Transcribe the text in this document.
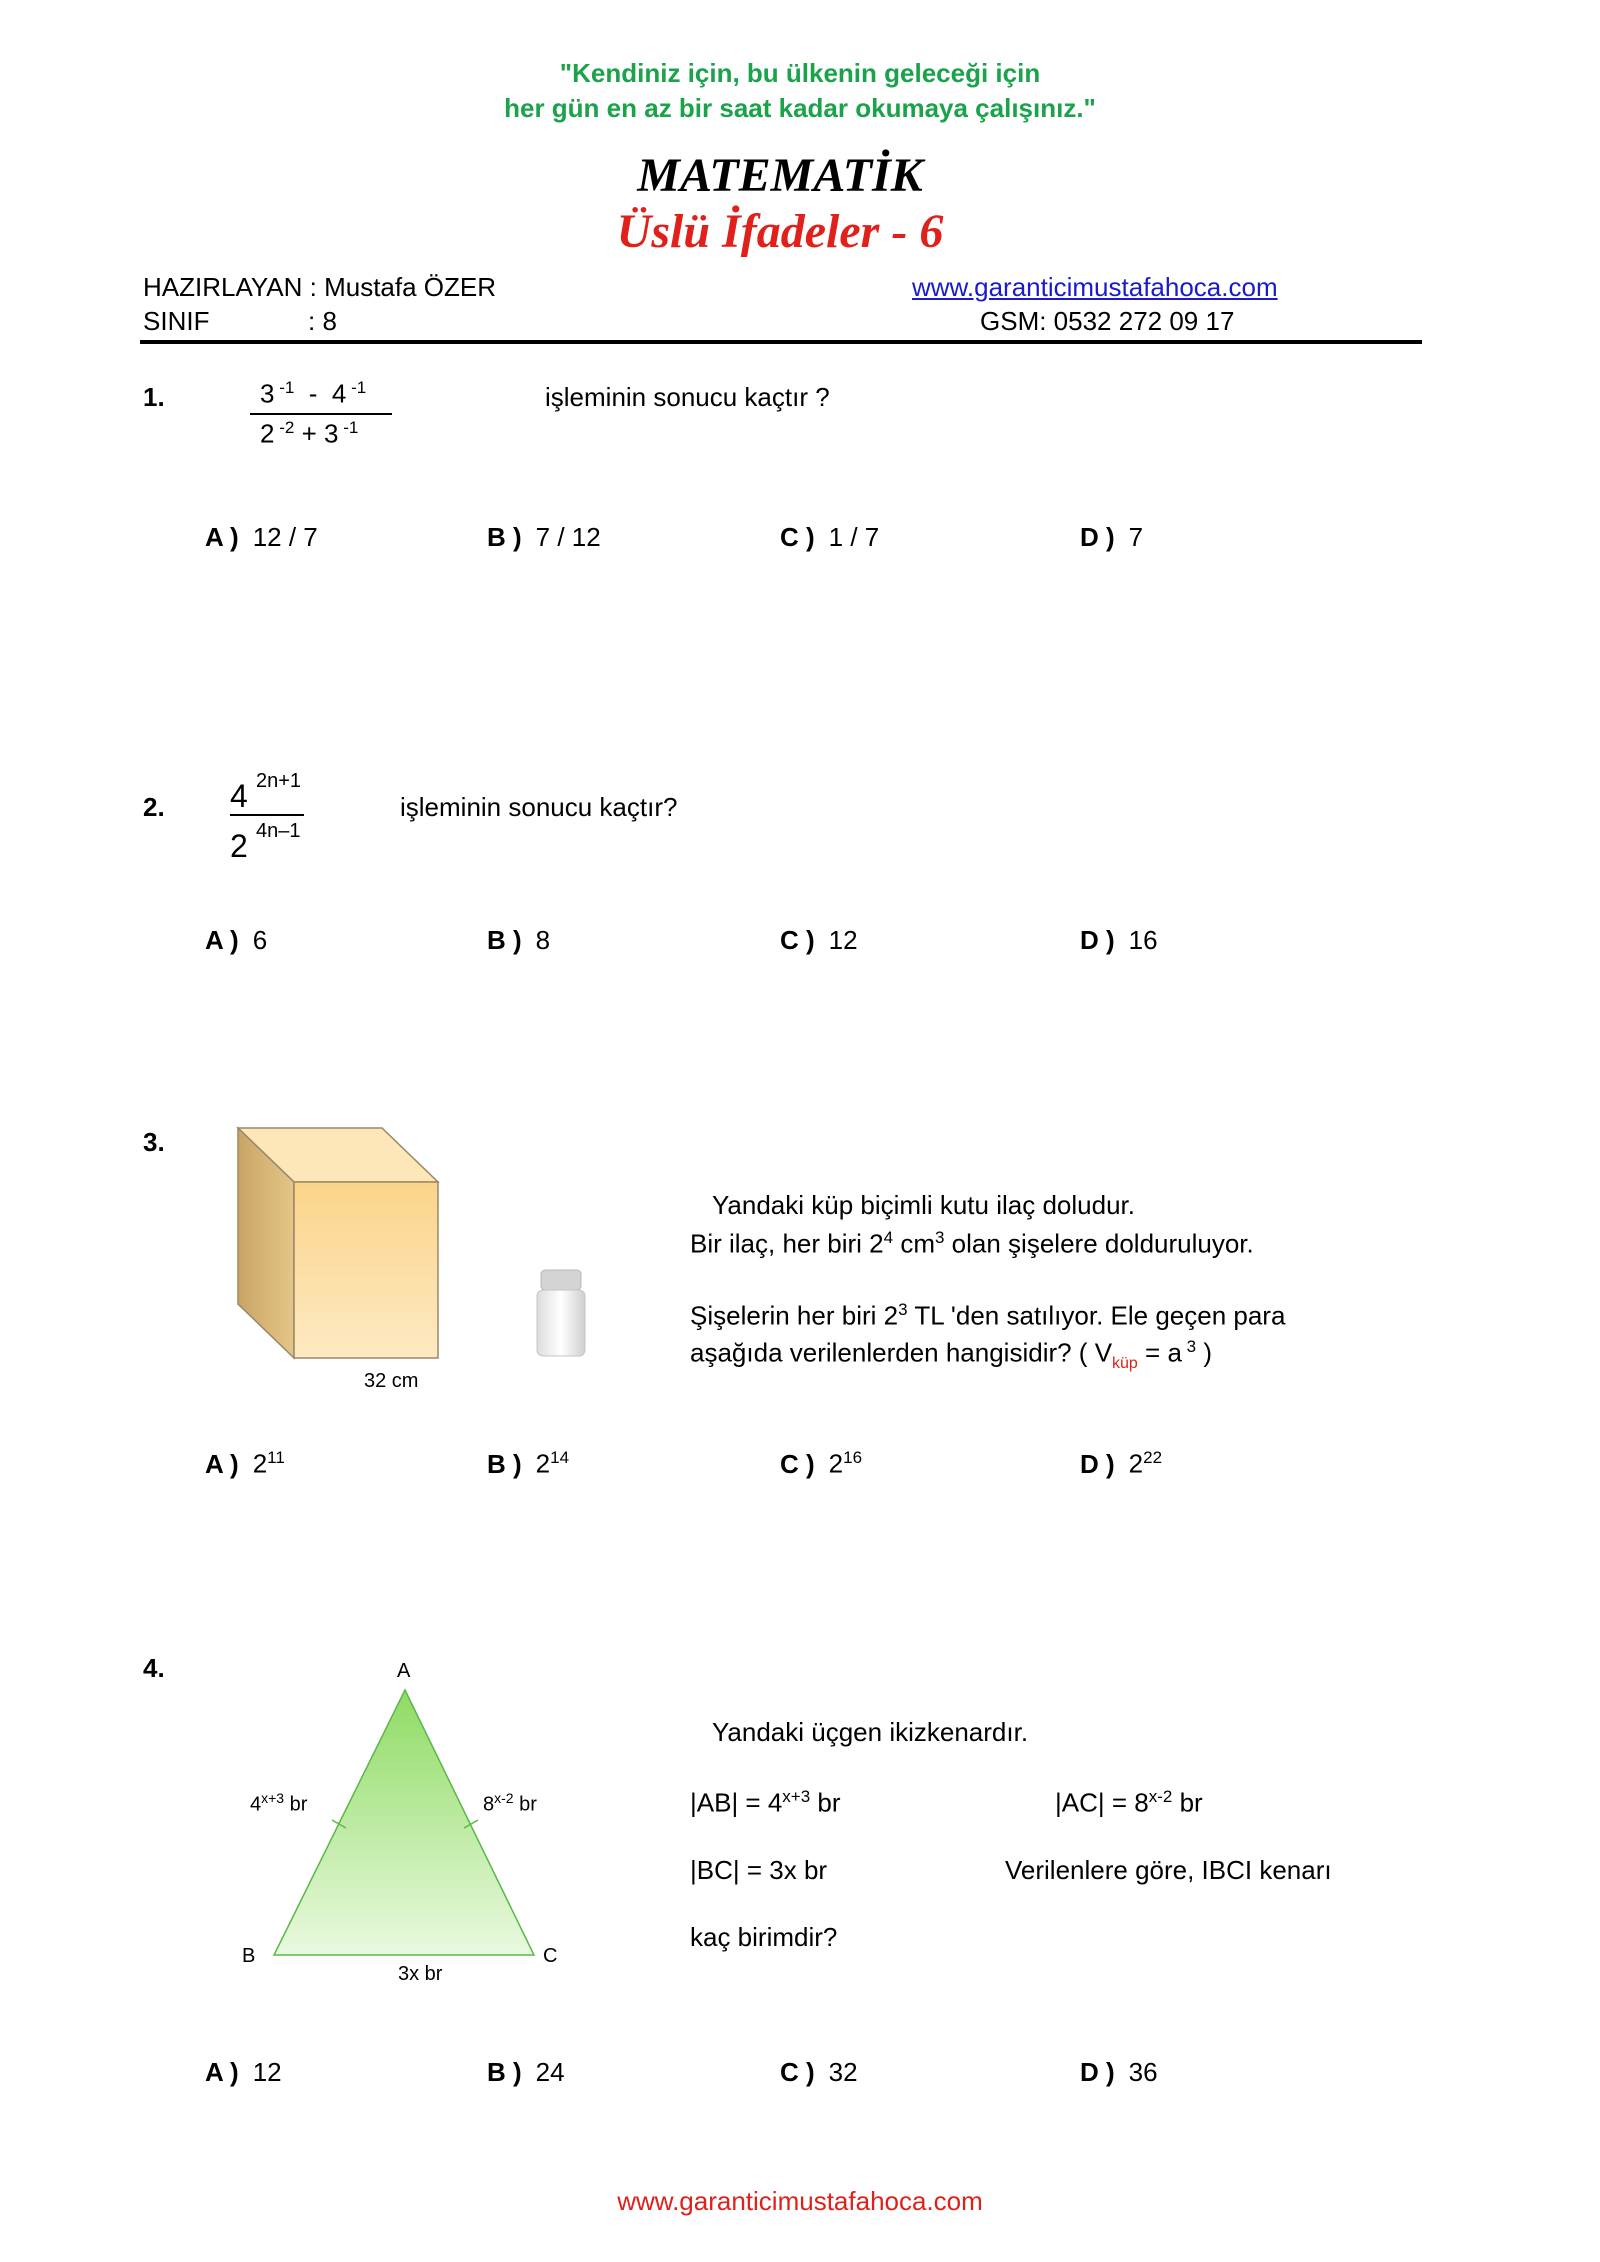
"Kendiniz için, bu ülkenin geleceği için
her gün en az bir saat kadar okumaya çalışınız."
MATEMATİK
Üslü İfadeler - 6
HAZIRLAYAN : Mustafa ÖZER
SINIF	: 8
www.garanticimustafahoca.com
GSM: 0532 272 09 17
1.	3 $^{-1}$ - 4 $^{-1}$
2 $^{-2}$ + 3 $^{-1}$
işleminin sonucu kaçtır ?
A ) 12 / 7	B ) 7 / 12	C ) 1 / 7	D ) 7
2. 4 2n+1
2 4n–1
işleminin sonucu kaçtır?
A ) 6	B ) 8	C ) 12	D ) 16
3.
32 cm
Yandaki küp biçimli kutu ilaç doludur.
Bir ilaç, her biri $2^4$ $cm^3$ olan şişelere dolduruluyor.
Şişelerin her biri $2^3$ TL 'den satılıyor. Ele geçen para
aşağıda verilenlerden hangisidir? ( $V_{küp} = a$ $^3$ )
A ) $2^{11}$	B ) $2^{14}$	C ) $2^{16}$	D ) $2^{22}$
4.	A
B	C
$4^{x+3}$ br	8$^{x-2}$ br
3x br
Yandaki üçgen ikizkenardır.
$|AB| = 4^{x+3}$ br	$|AC| = 8^{x-2}$ br
|BC| = 3x br	Verilenlere göre, IBCI kenarı
kaç birimdir?
A ) 12	B ) 24	C ) 32	D ) 36
www.garanticimustafahoca.com
